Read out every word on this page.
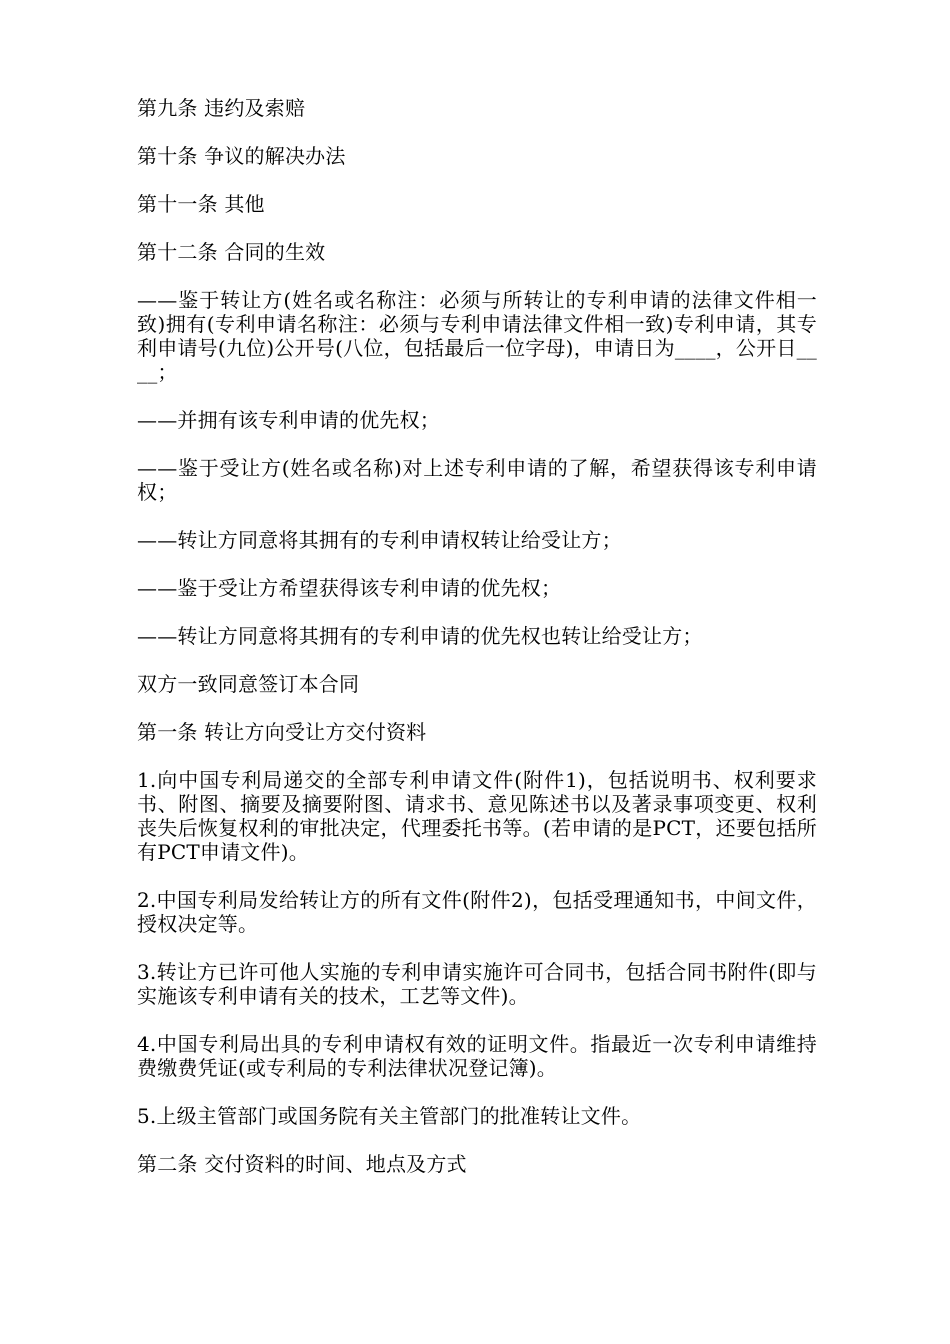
第九条 违约及索赔

第十条 争议的解决办法

第十一条 其他

第十二条 合同的生效

——鉴于转让方(姓名或名称注：必须与所转让的专利申请的法律文件相一致)拥有(专利申请名称注：必须与专利申请法律文件相一致)专利申请，其专利申请号(九位)公开号(八位，包括最后一位字母)，申请日为____，公开日____；

——并拥有该专利申请的优先权；

——鉴于受让方(姓名或名称)对上述专利申请的了解，希望获得该专利申请权；

——转让方同意将其拥有的专利申请权转让给受让方；

——鉴于受让方希望获得该专利申请的优先权；

——转让方同意将其拥有的专利申请的优先权也转让给受让方；

双方一致同意签订本合同

第一条 转让方向受让方交付资料

1.向中国专利局递交的全部专利申请文件(附件1)，包括说明书、权利要求书、附图、摘要及摘要附图、请求书、意见陈述书以及著录事项变更、权利丧失后恢复权利的审批决定，代理委托书等。(若申请的是PCT，还要包括所有PCT申请文件)。

2.中国专利局发给转让方的所有文件(附件2)，包括受理通知书，中间文件，授权决定等。

3.转让方已许可他人实施的专利申请实施许可合同书，包括合同书附件(即与实施该专利申请有关的技术，工艺等文件)。

4.中国专利局出具的专利申请权有效的证明文件。指最近一次专利申请维持费缴费凭证(或专利局的专利法律状况登记簿)。

5.上级主管部门或国务院有关主管部门的批准转让文件。

第二条 交付资料的时间、地点及方式
